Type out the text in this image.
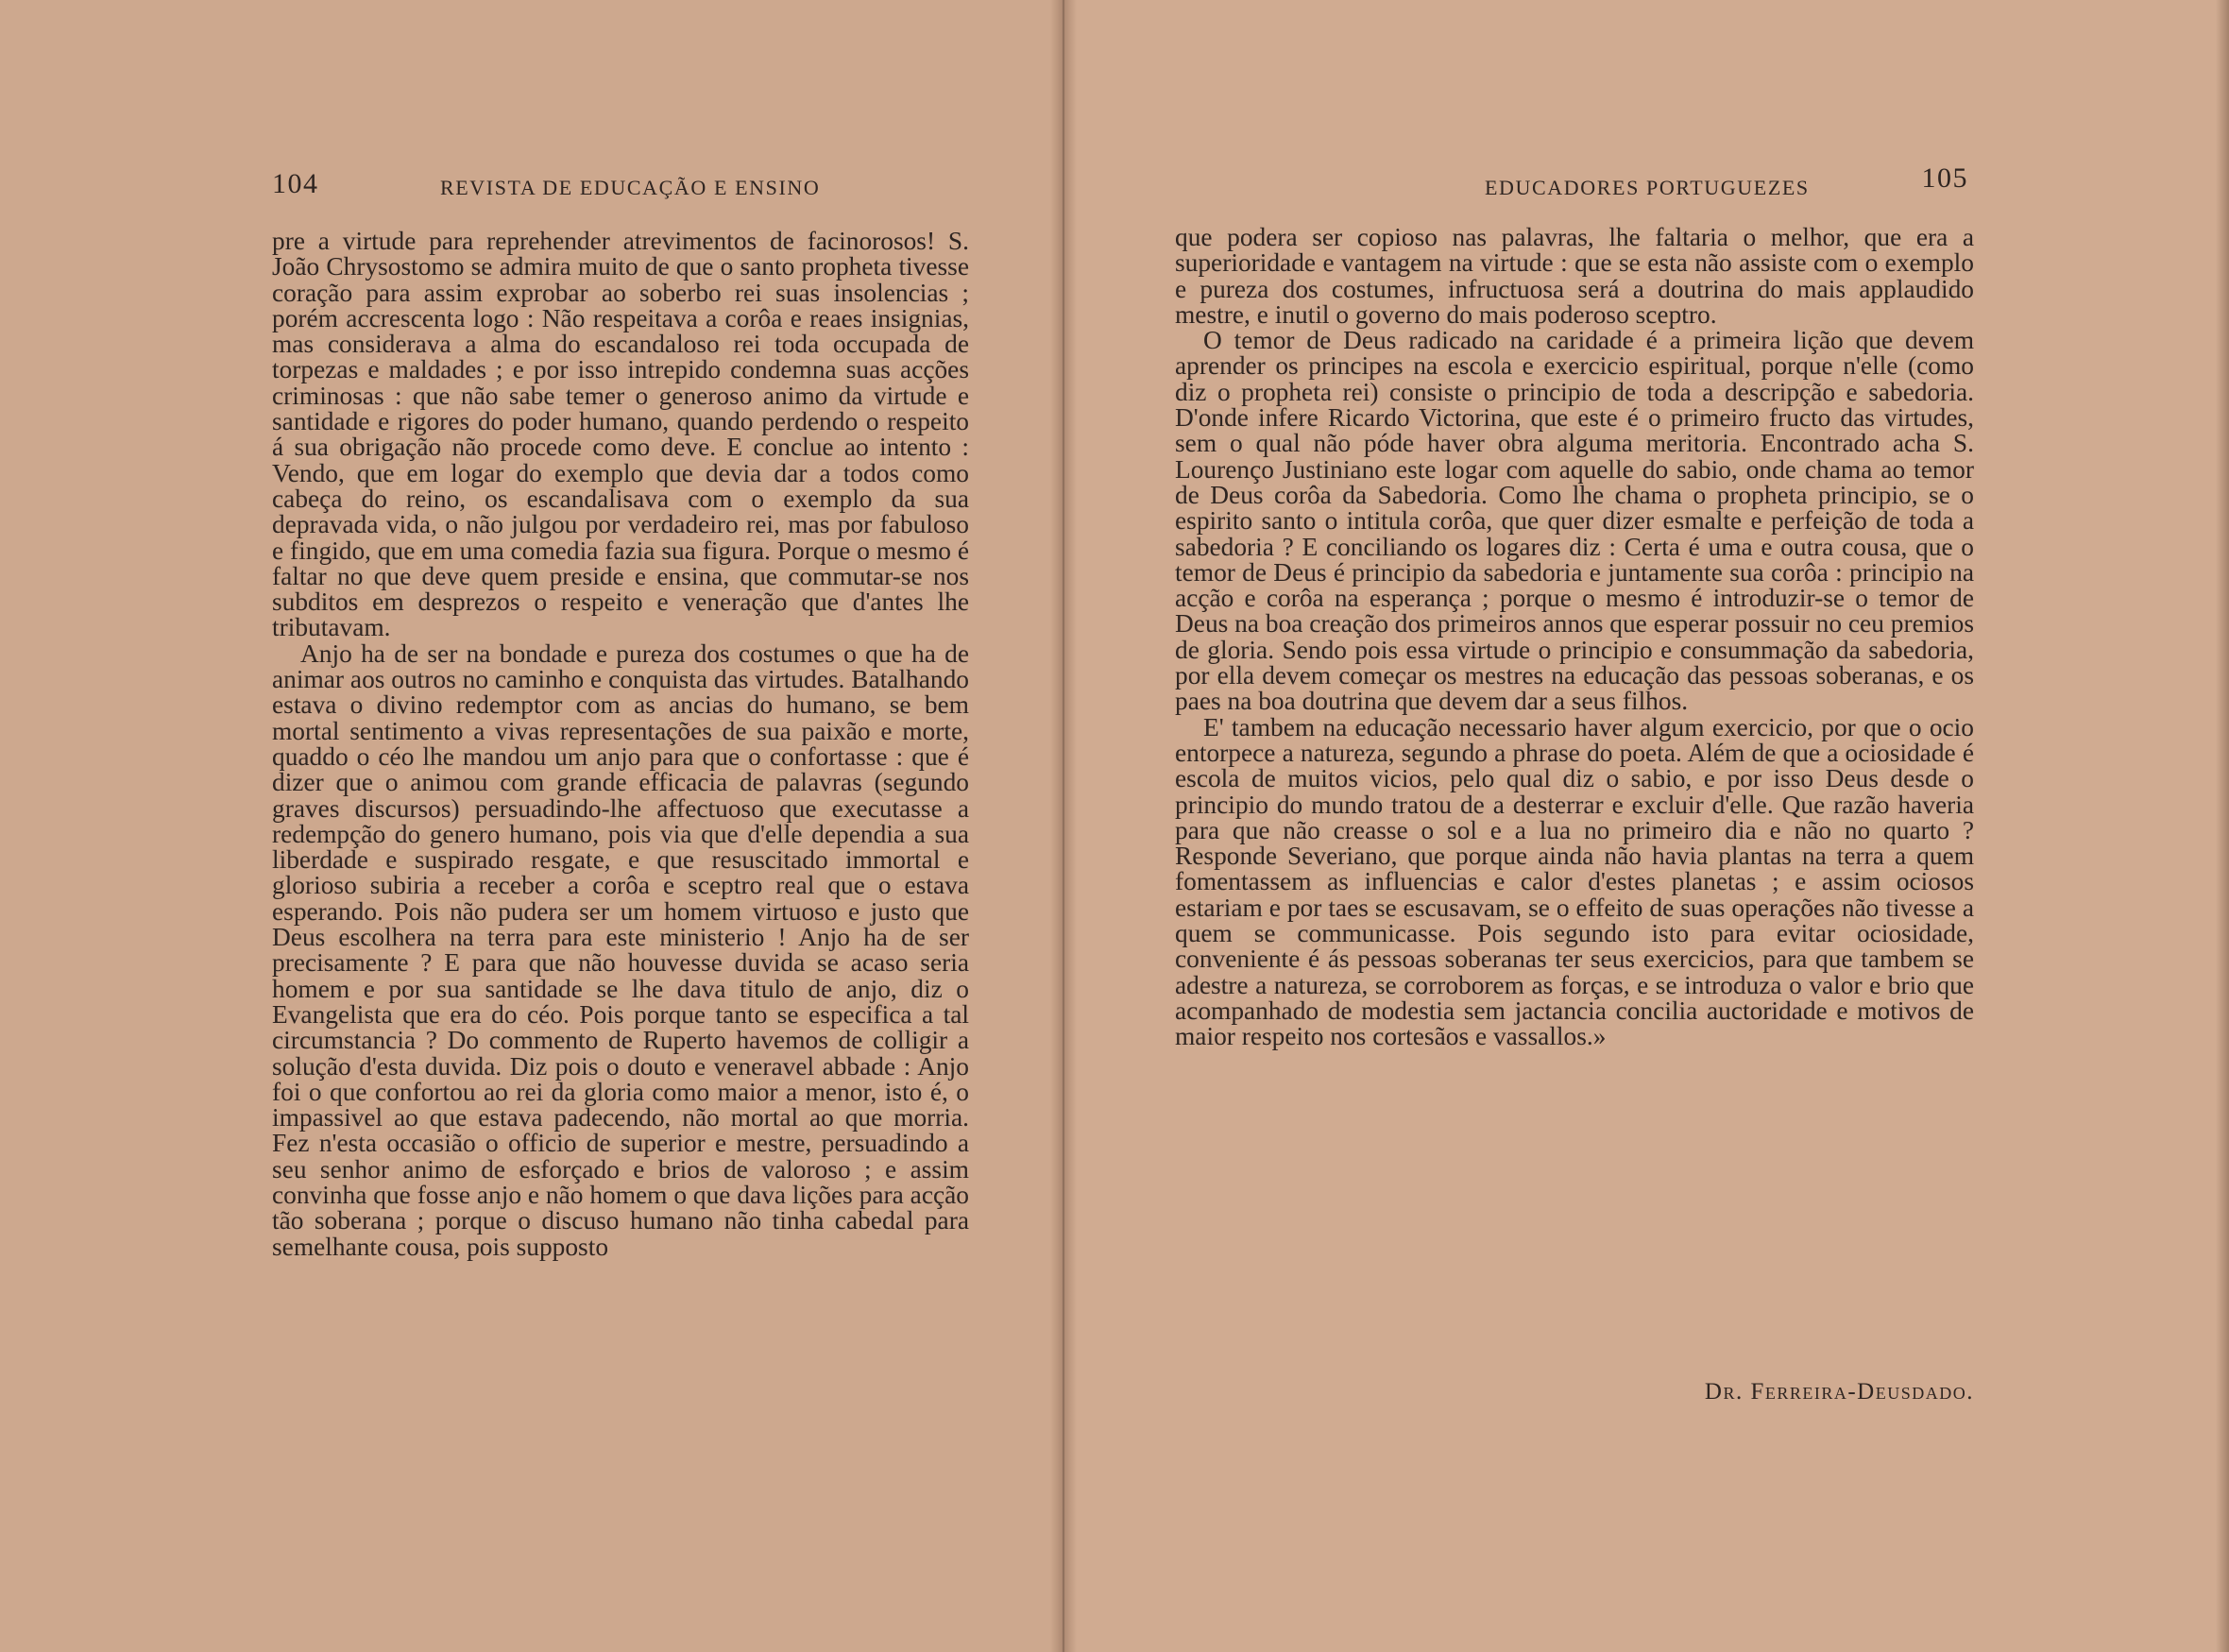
104	REVISTA DE EDUCAÇÃO E ENSINO

pre a virtude para reprehender atrevimentos de facinorosos! S. João Chrysostomo se admira muito de que o santo propheta tivesse coração para assim exprobar ao soberbo rei suas insolencias ; porém accrescenta logo : Não respeitava a corôa e reaes insignias, mas considerava a alma do escandaloso rei toda occupada de torpezas e maldades ; e por isso intrepido condemna suas acções criminosas : que não sabe temer o generoso animo da virtude e santidade e rigores do poder humano, quando perdendo o respeito á sua obrigação não procede como deve. E conclue ao intento : Vendo, que em logar do exemplo que devia dar a todos como cabeça do reino, os escandalisava com o exemplo da sua depravada vida, o não julgou por verdadeiro rei, mas por fabuloso e fingido, que em uma comedia fazia sua figura. Porque o mesmo é faltar no que deve quem preside e ensina, que commutar-se nos subditos em desprezos o respeito e veneração que d'antes lhe tributavam.

Anjo ha de ser na bondade e pureza dos costumes o que ha de animar aos outros no caminho e conquista das virtudes. Batalhando estava o divino redemptor com as ancias do humano, se bem mortal sentimento a vivas representações de sua paixão e morte, quaddo o céo lhe mandou um anjo para que o confortasse : que é dizer que o animou com grande efficacia de palavras (segundo graves discursos) persuadindo-lhe affectuoso que executasse a redempção do genero humano, pois via que d'elle dependia a sua liberdade e suspirado resgate, e que resuscitado immortal e glorioso subiria a receber a corôa e sceptro real que o estava esperando. Pois não pudera ser um homem virtuoso e justo que Deus escolhera na terra para este ministerio ! Anjo ha de ser precisamente ? E para que não houvesse duvida se acaso seria homem e por sua santidade se lhe dava titulo de anjo, diz o Evangelista que era do céo. Pois porque tanto se especifica a tal circumstancia ? Do commento de Ruperto havemos de colligir a solução d'esta duvida. Diz pois o douto e veneravel abbade : Anjo foi o que confortou ao rei da gloria como maior a menor, isto é, o impassivel ao que estava padecendo, não mortal ao que morria. Fez n'esta occasião o officio de superior e mestre, persuadindo a seu senhor animo de esforçado e brios de valoroso ; e assim convinha que fosse anjo e não homem o que dava lições para acção tão soberana ; porque o discuso humano não tinha cabedal para semelhante cousa, pois supposto

EDUCADORES PORTUGUEZES	105

que podera ser copioso nas palavras, lhe faltaria o melhor, que era a superioridade e vantagem na virtude : que se esta não assiste com o exemplo e pureza dos costumes, infructuosa será a doutrina do mais applaudido mestre, e inutil o governo do mais poderoso sceptro.

O temor de Deus radicado na caridade é a primeira lição que devem aprender os principes na escola e exercicio espiritual, porque n'elle (como diz o propheta rei) consiste o principio de toda a descripção e sabedoria. D'onde infere Ricardo Victorina, que este é o primeiro fructo das virtudes, sem o qual não póde haver obra alguma meritoria. Encontrado acha S. Lourenço Justiniano este logar com aquelle do sabio, onde chama ao temor de Deus corôa da Sabedoria. Como lhe chama o propheta principio, se o espirito santo o intitula corôa, que quer dizer esmalte e perfeição de toda a sabedoria ? E conciliando os logares diz : Certa é uma e outra cousa, que o temor de Deus é principio da sabedoria e juntamente sua corôa : principio na acção e corôa na esperança ; porque o mesmo é introduzir-se o temor de Deus na boa creação dos primeiros annos que esperar possuir no ceu premios de gloria. Sendo pois essa virtude o principio e consummação da sabedoria, por ella devem começar os mestres na educação das pessoas soberanas, e os paes na boa doutrina que devem dar a seus filhos.

E' tambem na educação necessario haver algum exercicio, por que o ocio entorpece a natureza, segundo a phrase do poeta. Além de que a ociosidade é escola de muitos vicios, pelo qual diz o sabio, e por isso Deus desde o principio do mundo tratou de a desterrar e excluir d'elle. Que razão haveria para que não creasse o sol e a lua no primeiro dia e não no quarto ? Responde Severiano, que porque ainda não havia plantas na terra a quem fomentassem as influencias e calor d'estes planetas ; e assim ociosos estariam e por taes se escusavam, se o effeito de suas operações não tivesse a quem se communicasse. Pois segundo isto para evitar ociosidade, conveniente é ás pessoas soberanas ter seus exercicios, para que tambem se adestre a natureza, se corroborem as forças, e se introduza o valor e brio que acompanhado de modestia sem jactancia concilia auctoridade e motivos de maior respeito nos cortesãos e vassallos.»

Dr. Ferreira-Deusdado.
